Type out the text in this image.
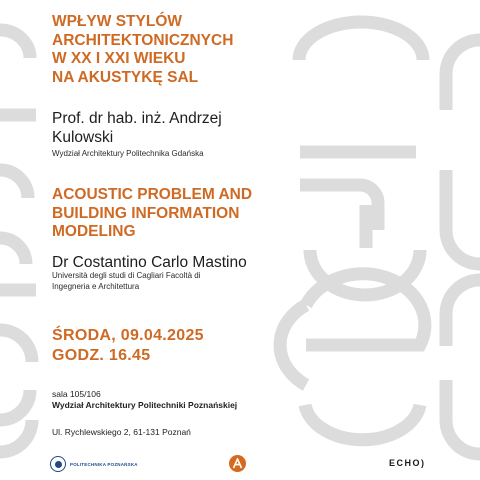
WPŁYW STYLÓW
ARCHITEKTONICZNYCH
W XX I XXI WIEKU
NA AKUSTYKĘ SAL
Prof. dr hab. inż. Andrzej
Kulowski
Wydział Architektury Politechnika Gdańska
ACOUSTIC PROBLEM AND
BUILDING INFORMATION
MODELING
Dr Costantino Carlo Mastino
Università degli studi di Cagliari Facoltà di
Ingegneria e Architettura
ŚRODA, 09.04.2025
GODZ. 16.45
sala 105/106
Wydział Architektury Politechniki Poznańskiej
Ul. Rychlewskiego 2, 61-131 Poznań
POLITECHNIKA POZNAŃSKA	ЕСНО)
